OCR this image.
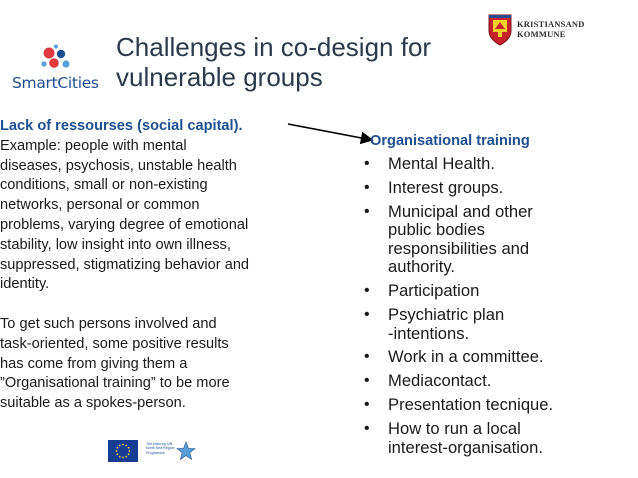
SmartCities
Challenges in co-design for
vulnerable groups
KRISTIANSAND
KOMMUNE
Lack of ressourses (social capital).
Example: people with mental
diseases, psychosis, unstable health
conditions, small or non-existing
networks, personal or common
problems, varying degree of emotional
stability, low insight into own illness,
suppressed, stigmatizing behavior and
identity.
To get such persons involved and
task-oriented, some positive results
has come from giving them a
”Organisational training” to be more
suitable as a spokes-person.
Organisational training
• Mental Health.
• Interest groups.
• Municipal and other
public bodies
responsibilities and
authority.
• Participation
• Psychiatric plan
-intentions.
• Work in a committee.
• Mediacontact.
• Presentation tecnique.
• How to run a local
interest-organisation.
The Interreg IVB
North Sea Region
Programme
